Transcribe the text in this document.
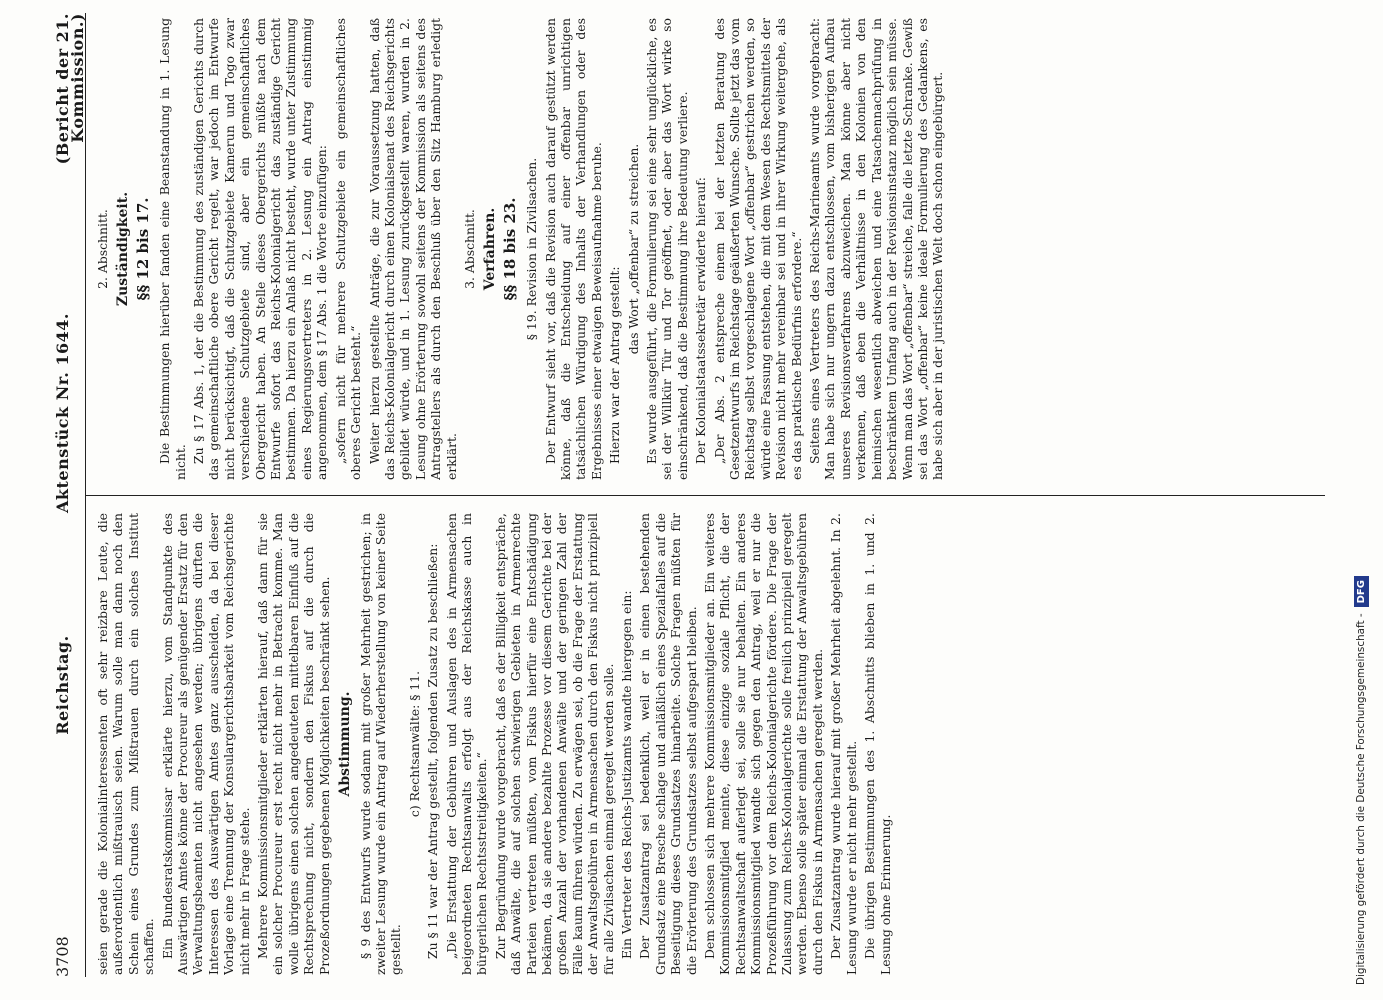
3708
Reichstag.
Aktenstück Nr. 1644.
(Bericht der 21. Kommission.)

seien gerade die Kolonialinteressenten oft sehr reizbare Leute, die außerordentlich mißtrauisch seien. Warum solle man dann noch den Schein eines Grundes zum Mißtrauen durch ein solches Institut schaffen. Ein Bundesratskommissar erklärte hierzu, vom Standpunkte des Auswärtigen Amtes könne der Procureur als genügender Ersatz für den Verwaltungsbeamten nicht angesehen werden; übrigens dürften die Interessen des Auswärtigen Amtes ganz ausscheiden, da bei dieser Vorlage eine Trennung der Konsulargerichtsbarkeit vom Reichsgerichte nicht mehr in Frage stehe. Mehrere Kommissionsmitglieder erklärten hierauf, daß dann für sie ein solcher Procureur erst recht nicht mehr in Betracht komme. Man wolle übrigens einen solchen angedeuteten mittelbaren Einfluß auf die Rechtsprechung nicht, sondern den Fiskus auf die durch die Prozeßordnungen gegebenen Möglichkeiten beschränkt sehen. Abstimmung. § 9 des Entwurfs wurde sodann mit großer Mehrheit gestrichen; in zweiter Lesung wurde ein Antrag auf Wiederherstellung von keiner Seite gestellt.

c) Rechtsanwälte: § 11. Zu § 11 war der Antrag gestellt, folgenden Zusatz zu beschließen: „Die Erstattung der Gebühren und Auslagen des in Armensachen beigeordneten Rechtsanwalts erfolgt aus der Reichskasse auch in bürgerlichen Rechtsstreitigkeiten.“ Zur Begründung wurde vorgebracht, daß es der Billigkeit entspräche, daß Anwälte, die auf solchen schwierigen Gebieten in Armenrechte Parteien vertreten müßten, vom Fiskus hierfür eine Entschädigung bekämen, da sie andere bezahlte Prozesse vor diesem Gerichte bei der großen Anzahl der vorhandenen Anwälte und der geringen Zahl der Fälle kaum führen würden. Zu erwägen sei, ob die Frage der Erstattung der Anwaltsgebühren in Armensachen durch den Fiskus nicht prinzipiell für alle Zivilsachen einmal geregelt werden solle. Ein Vertreter des Reichs-Justizamts wandte hiergegen ein: Der Zusatzantrag sei bedenklich, weil er in einen bestehenden Grundsatz eine Bresche schlage und anläßlich eines Spezialfalles auf die Beseitigung dieses Grundsatzes hinarbeite. Solche Fragen müßten für die Erörterung des Grundsatzes selbst aufgespart bleiben. Dem schlossen sich mehrere Kommissionsmitglieder an. Ein weiteres Kommissionsmitglied meinte, diese einzige soziale Pflicht, die der Rechtsanwaltschaft auferlegt sei, solle sie nur behalten. Ein anderes Kommissionsmitglied wandte sich gegen den Antrag, weil er nur die Prozeßführung vor dem Reichs-Kolonialgerichte fördere. Die Frage der Zulassung zum Reichs-Kolonialgerichte solle freilich prinzipiell geregelt werden. Ebenso solle später einmal die Erstattung der Anwaltsgebühren durch den Fiskus in Armensachen geregelt werden. Der Zusatzantrag wurde hierauf mit großer Mehrheit abgelehnt. In 2. Lesung wurde er nicht mehr gestellt. Die übrigen Bestimmungen des 1. Abschnitts blieben in 1. und 2. Lesung ohne Erinnerung.

2. Abschnitt. Zuständigkeit. §§ 12 bis 17. Die Bestimmungen hierüber fanden eine Beanstandung in 1. Lesung nicht. Zu § 17 Abs. 1, der die Bestimmung des zuständigen Gerichts durch das gemeinschaftliche obere Gericht regelt, war jedoch im Entwurfe nicht berücksichtigt, daß die Schutzgebiete Kamerun und Togo zwar verschiedene Schutzgebiete sind, aber ein gemeinschaftliches Obergericht haben. An Stelle dieses Obergerichts müßte nach dem Entwurfe sofort das Reichs-Kolonialgericht das zuständige Gericht bestimmen. Da hierzu ein Anlaß nicht besteht, wurde unter Zustimmung eines Regierungsvertreters in 2. Lesung ein Antrag einstimmig angenommen, dem § 17 Abs. 1 die Worte einzufügen: „sofern nicht für mehrere Schutzgebiete ein gemeinschaftliches oberes Gericht besteht.“ Weiter hierzu gestellte Anträge, die zur Voraussetzung hatten, daß das Reichs-Kolonialgericht durch einen Kolonialsenat des Reichsgerichts gebildet würde, und in 1. Lesung zurückgestellt waren, wurden in 2. Lesung ohne Erörterung sowohl seitens der Kommission als seitens des Antragstellers als durch den Beschluß über den Sitz Hamburg erledigt erklärt.

3. Abschnitt. Verfahren. §§ 18 bis 23. § 19. Revision in Zivilsachen. Der Entwurf sieht vor, daß die Revision auch darauf gestützt werden könne, daß die Entscheidung auf einer offenbar unrichtigen tatsächlichen Würdigung des Inhalts der Verhandlungen oder des Ergebnisses einer etwaigen Beweisaufnahme beruhe. Hierzu war der Antrag gestellt:

das Wort „offenbar“ zu streichen. Es wurde ausgeführt, die Formulierung sei eine sehr unglückliche, es sei der Willkür Tür und Tor geöffnet, oder aber das Wort wirke so einschränkend, daß die Bestimmung ihre Bedeutung verliere. Der Kolonialstaatssekretär erwiderte hierauf: „Der Abs. 2 entspreche einem bei der letzten Beratung des Gesetzentwurfs im Reichstage geäußerten Wunsche. Sollte jetzt das vom Reichstag selbst vorgeschlagene Wort „offenbar“ gestrichen werden, so würde eine Fassung entstehen, die mit dem Wesen des Rechtsmittels der Revision nicht mehr vereinbar sei und in ihrer Wirkung weitergehe, als es das praktische Bedürfnis erfordere.“ Seitens eines Vertreters des Reichs-Marineamts wurde vorgebracht: Man habe sich nur ungern dazu entschlossen, vom bisherigen Aufbau unseres Revisionsverfahrens abzuweichen. Man könne aber nicht verkennen, daß eben die Verhältnisse in den Kolonien von den heimischen wesentlich abweichen und eine Tatsachennachprüfung in beschränktem Umfang auch in der Revisionsinstanz möglich sein müsse. Wenn man das Wort „offenbar“ streiche, falle die letzte Schranke. Gewiß sei das Wort „offenbar“ keine ideale Formulierung des Gedankens, es habe sich aber in der juristischen Welt doch schon eingebürgert.

Digitalisierung gefördert durch die Deutsche Forschungsgemeinschaft -
DFG
